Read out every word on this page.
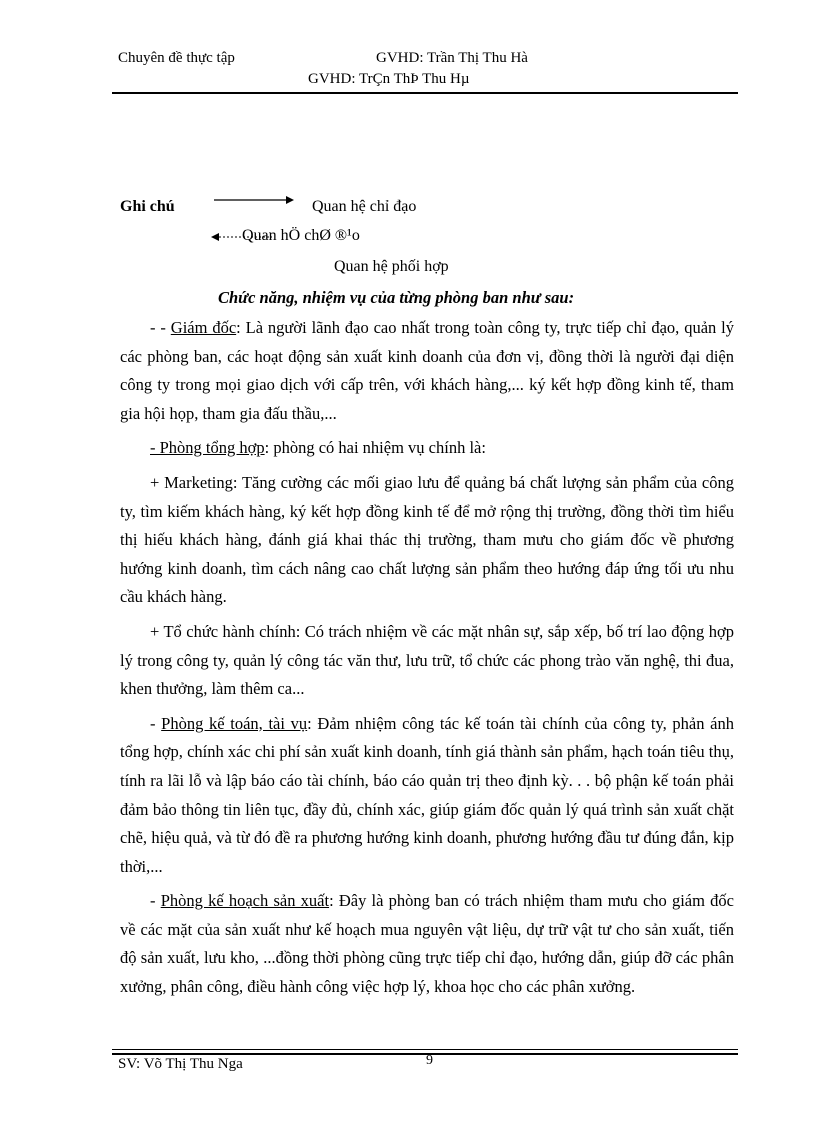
Chuyên đề thực tập	GVHD: Trần Thị Thu Hà
GVHD: TrÇn ThÞ Thu Hµ
Ghi chú	Quan hệ chỉ đạo
Quan hÖ chØ ®¹o
Quan hệ phối hợp
Chức năng, nhiệm vụ của từng phòng ban như sau:

- - Giám đốc: Là người lãnh đạo cao nhất trong toàn công ty, trực tiếp chỉ đạo, quản lý các phòng ban, các hoạt động sản xuất kinh doanh của đơn vị, đồng thời là người đại diện công ty trong mọi giao dịch với cấp trên, với khách hàng,... ký kết hợp đồng kinh tế, tham gia hội họp, tham gia đấu thầu,...

- Phòng tổng hợp: phòng có hai nhiệm vụ chính là:

+ Marketing: Tăng cường các mối giao lưu để quảng bá chất lượng sản phẩm của công ty, tìm kiếm khách hàng, ký kết hợp đồng kinh tế để mở rộng thị trường, đồng thời tìm hiểu thị hiếu khách hàng, đánh giá khai thác thị trường, tham mưu cho giám đốc về phương hướng kinh doanh, tìm cách nâng cao chất lượng sản phẩm theo hướng đáp ứng tối ưu nhu cầu khách hàng.

+ Tổ chức hành chính: Có trách nhiệm về các mặt nhân sự, sắp xếp, bố trí lao động hợp lý trong công ty, quản lý công tác văn thư, lưu trữ, tổ chức các phong trào văn nghệ, thi đua, khen thưởng, làm thêm ca...

- Phòng kế toán, tài vụ: Đảm nhiệm công tác kế toán tài chính của công ty, phản ánh tổng hợp, chính xác chi phí sản xuất kinh doanh, tính giá thành sản phẩm, hạch toán tiêu thụ, tính ra lãi lỗ và lập báo cáo tài chính, báo cáo quản trị theo định kỳ. . . bộ phận kế toán phải đảm bảo thông tin liên tục, đầy đủ, chính xác, giúp giám đốc quản lý quá trình sản xuất chặt chẽ, hiệu quả, và từ đó đề ra phương hướng kinh doanh, phương hướng đầu tư đúng đắn, kịp thời,...

- Phòng kế hoạch sản xuất: Đây là phòng ban có trách nhiệm tham mưu cho giám đốc về các mặt của sản xuất như kế hoạch mua nguyên vật liệu, dự trữ vật tư cho sản xuất, tiến độ sản xuất, lưu kho, ...đồng thời phòng cũng trực tiếp chỉ đạo, hướng dẫn, giúp đỡ các phân xưởng, phân công, điều hành công việc hợp lý, khoa học cho các phân xưởng.

SV: Võ Thị Thu Nga	9
